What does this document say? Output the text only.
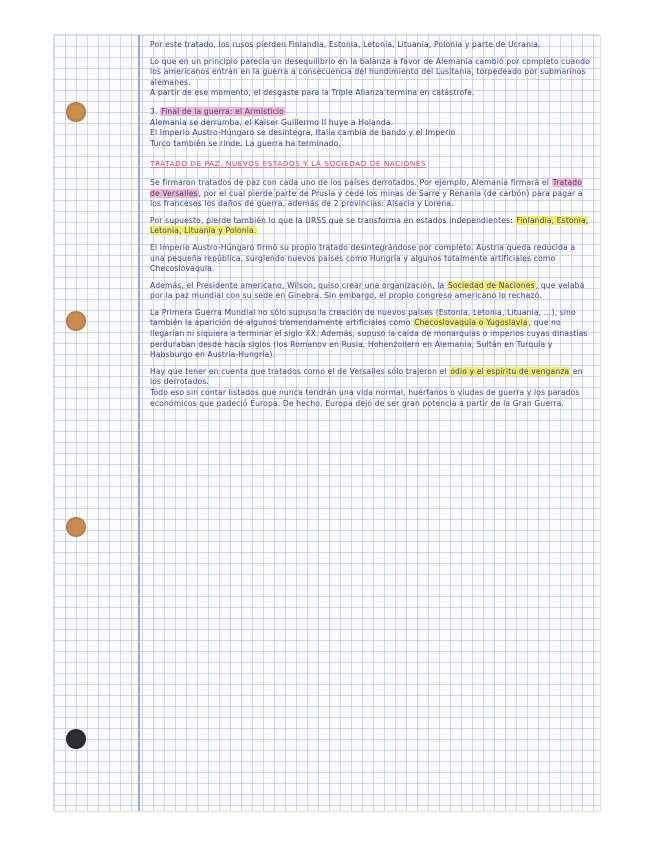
Por este tratado, los rusos pierden Finlandia, Estonia, Letonia, Lituania, Polonia y parte de Ucrania.

Lo que en un principio parecía un desequilibrio en la balanza a favor de Alemania cambió por completo cuando los americanos entran en la guerra a consecuencia del hundimiento del Lusitania, torpedeado por submarinos alemanes.

A partir de ese momento, el desgaste para la Triple Alianza termina en catástrofe.

3. Final de la guerra: el Armisticio
Alemania se derrumba, el Kaiser Guillermo II huye a Holanda.
El Imperio Austro-Húngaro se desintegra, Italia cambia de bando y el Imperio
Turco también se rinde. La guerra ha terminado.
TRATADO DE PAZ, NUEVOS ESTADOS Y LA SOCIEDAD DE NACIONES

Se firmaron tratados de paz con cada uno de los países derrotados. Por ejemplo, Alemania firmará el Tratado de Versalles, por el cual pierde parte de Prusia y cede los minas de Sarre y Renania (de carbón) para pagar a los franceses los daños de guerra, además de 2 provincias: Alsacia y Lorena.

Por supuesto, pierde también lo que la URSS que se transforma en estados independientes: Finlandia, Estonia, Letonia, Lituania y Polonia.

El Imperio Austro-Húngaro firmó su propio tratado desintegrándose por completo. Austria queda reducida a una pequeña república, surgiendo nuevos países como Hungría y algunos totalmente artificiales como Checoslovaquia.

Además, el Presidente americano, Wilson, quiso crear una organización, la Sociedad de Naciones, que velaba por la paz mundial con su sede en Ginebra. Sin embargo, el propio congreso americano lo rechazó.

La Primera Guerra Mundial no sólo supuso la creación de nuevos países (Estonia, Letonia, Lituania, ...), sino también la aparición de algunos tremendamente artificiales como Checoslovaquia o Yugoslavia, que no llegarían ni siquiera a terminar el siglo XX. Además, supuso la caída de monarquías o imperios cuyas dinastías perduraban desde hacía siglos (los Romanov en Rusia, Hohenzollern en Alemania, Sultán en Turquía y Habsburgo en Austria-Hungría).

Hay que tener en cuenta que tratados como el de Versalles sólo trajeron el odio y el espíritu de venganza en los derrotados.

Todo eso sin contar listados que nunca tendrán una vida normal, huérfanos o viudas de guerra y los parados económicos que padeció Europa. De hecho, Europa dejó de ser gran potencia a partir de la Gran Guerra.
